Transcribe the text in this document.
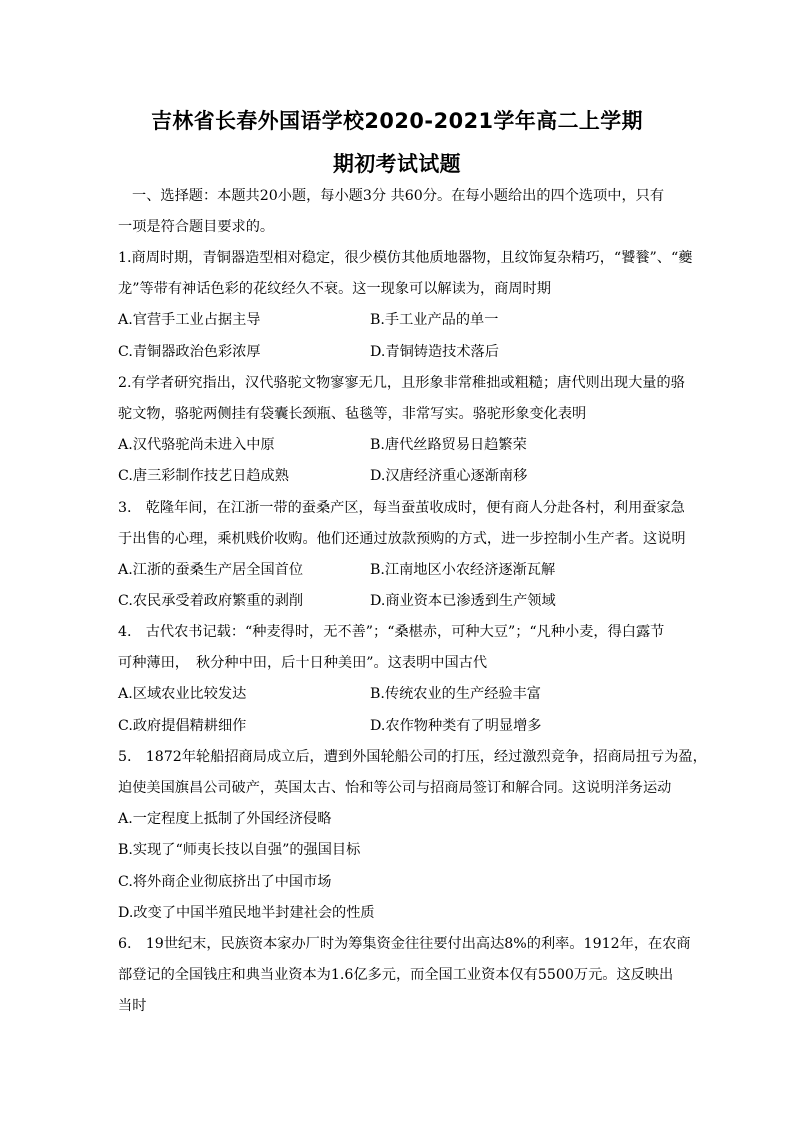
吉林省长春外国语学校2020-2021学年高二上学期
期初考试试题
一、选择题：本题共20小题，每小题3分 共60分。在每小题给出的四个选项中，只有
一项是符合题目要求的。
1.商周时期，青铜器造型相对稳定，很少模仿其他质地器物，且纹饰复杂精巧，“饕餮”、“夔
龙”等带有神话色彩的花纹经久不衰。这一现象可以解读为，商周时期
A.官营手工业占据主导	B.手工业产品的单一
C.青铜器政治色彩浓厚	D.青铜铸造技术落后
2.有学者研究指出，汉代骆驼文物寥寥无几，且形象非常稚拙或粗糙；唐代则出现大量的骆
驼文物，骆驼两侧挂有袋囊长颈瓶、毡毯等，非常写实。骆驼形象变化表明
A.汉代骆驼尚未进入中原	B.唐代丝路贸易日趋繁荣
C.唐三彩制作技艺日趋成熟	D.汉唐经济重心逐渐南移
3.　乾隆年间，在江浙一带的蚕桑产区，每当蚕茧收成时，便有商人分赴各村，利用蚕家急
于出售的心理，乘机贱价收购。他们还通过放款预购的方式，进一步控制小生产者。这说明
A.江浙的蚕桑生产居全国首位	B.江南地区小农经济逐渐瓦解
C.农民承受着政府繁重的剥削	D.商业资本已渗透到生产领域
4.　古代农书记载：“种麦得时，无不善”；“桑椹赤，可种大豆”；“凡种小麦，得白露节
可种薄田，　秋分种中田，后十日种美田”。这表明中国古代
A.区域农业比较发达	B.传统农业的生产经验丰富
C.政府提倡精耕细作	D.农作物种类有了明显增多
5.　1872年轮船招商局成立后，遭到外国轮船公司的打压，经过激烈竞争，招商局扭亏为盈，
迫使美国旗昌公司破产，英国太古、怡和等公司与招商局签订和解合同。这说明洋务运动
A.一定程度上抵制了外国经济侵略
B.实现了“师夷长技以自强”的强国目标
C.将外商企业彻底挤出了中国市场
D.改变了中国半殖民地半封建社会的性质
6.　19世纪末，民族资本家办厂时为筹集资金往往要付出高达8%的利率。1912年，在农商
部登记的全国钱庄和典当业资本为1.6亿多元，而全国工业资本仅有5500万元。这反映出
当时
